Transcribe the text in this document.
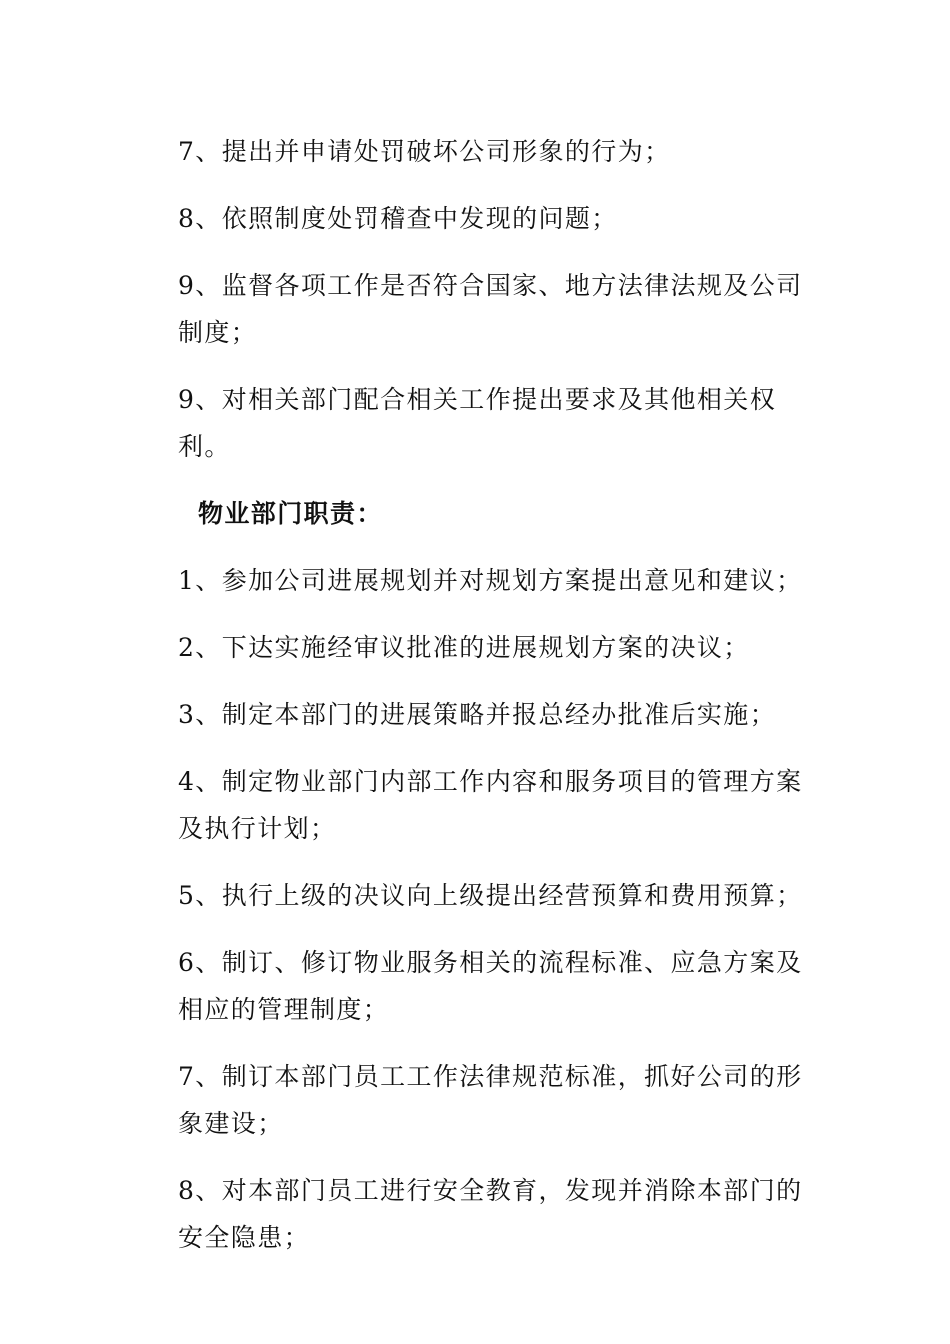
7、提出并申请处罚破坏公司形象的行为；

8、依照制度处罚稽查中发现的问题；

9、监督各项工作是否符合国家、地方法律法规及公司制度；

9、对相关部门配合相关工作提出要求及其他相关权利。

物业部门职责：

1、参加公司进展规划并对规划方案提出意见和建议；

2、下达实施经审议批准的进展规划方案的决议；

3、制定本部门的进展策略并报总经办批准后实施；

4、制定物业部门内部工作内容和服务项目的管理方案及执行计划；

5、执行上级的决议向上级提出经营预算和费用预算；

6、制订、修订物业服务相关的流程标准、应急方案及相应的管理制度；

7、制订本部门员工工作法律规范标准，抓好公司的形象建设；

8、对本部门员工进行安全教育，发现并消除本部门的安全隐患；
